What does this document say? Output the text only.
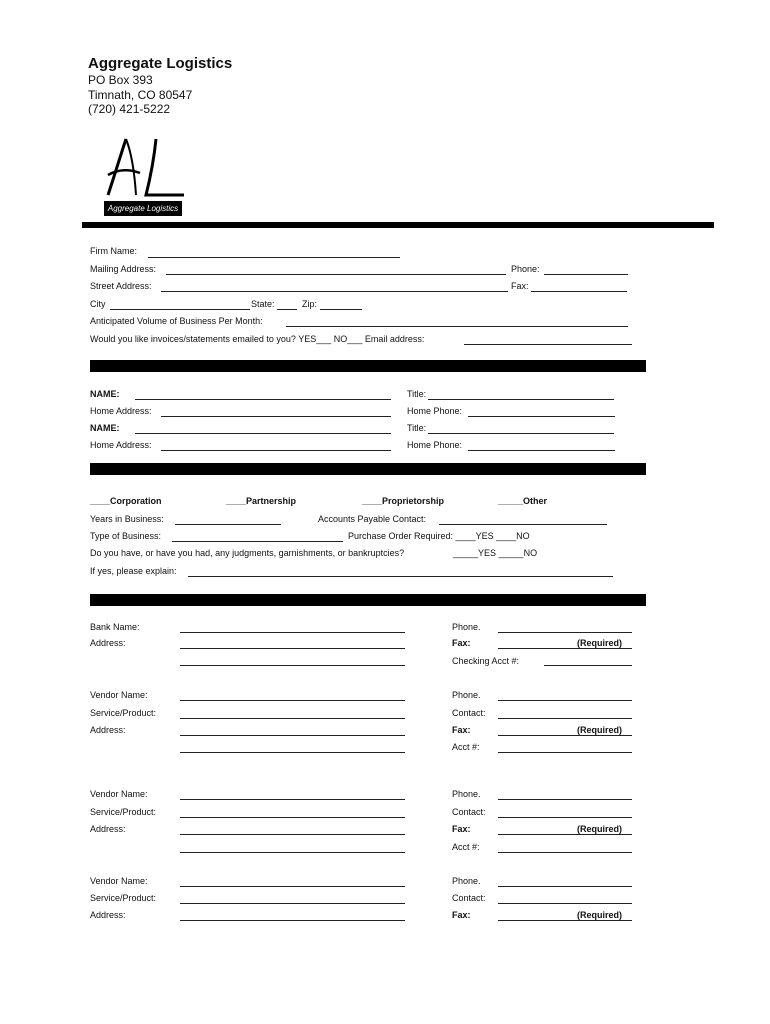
Aggregate Logistics
PO Box 393
Timnath, CO 80547
(720) 421-5222
Aggregate Logistics
Firm Name:
Mailing Address:	Phone:
Street Address:	Fax:
City	State:	Zip:
Anticipated Volume of Business Per Month:
Would you like invoices/statements emailed to you? YES___ NO___ Email address:
NAME:	Title:
Home Address:	Home Phone:
NAME:	Title:
Home Address:	Home Phone:
____Corporation	____Partnership	____Proprietorship	_____Other
Years in Business:	Accounts Payable Contact:
Type of Business:	Purchase Order Required: ____YES ____NO
Do you have, or have you had, any judgments, garnishments, or bankruptcies?	_____YES _____NO
If yes, please explain:
Bank Name:	Phone.
Address:	Fax:	(Required)
Checking Acct #:
Vendor Name:	Phone.
Service/Product:	Contact:
Address:	Fax:	(Required)
Acct #:
Vendor Name:	Phone.
Service/Product:	Contact:
Address:	Fax:	(Required)
Acct #:
Vendor Name:	Phone.
Service/Product:	Contact:
Address:	Fax:	(Required)
